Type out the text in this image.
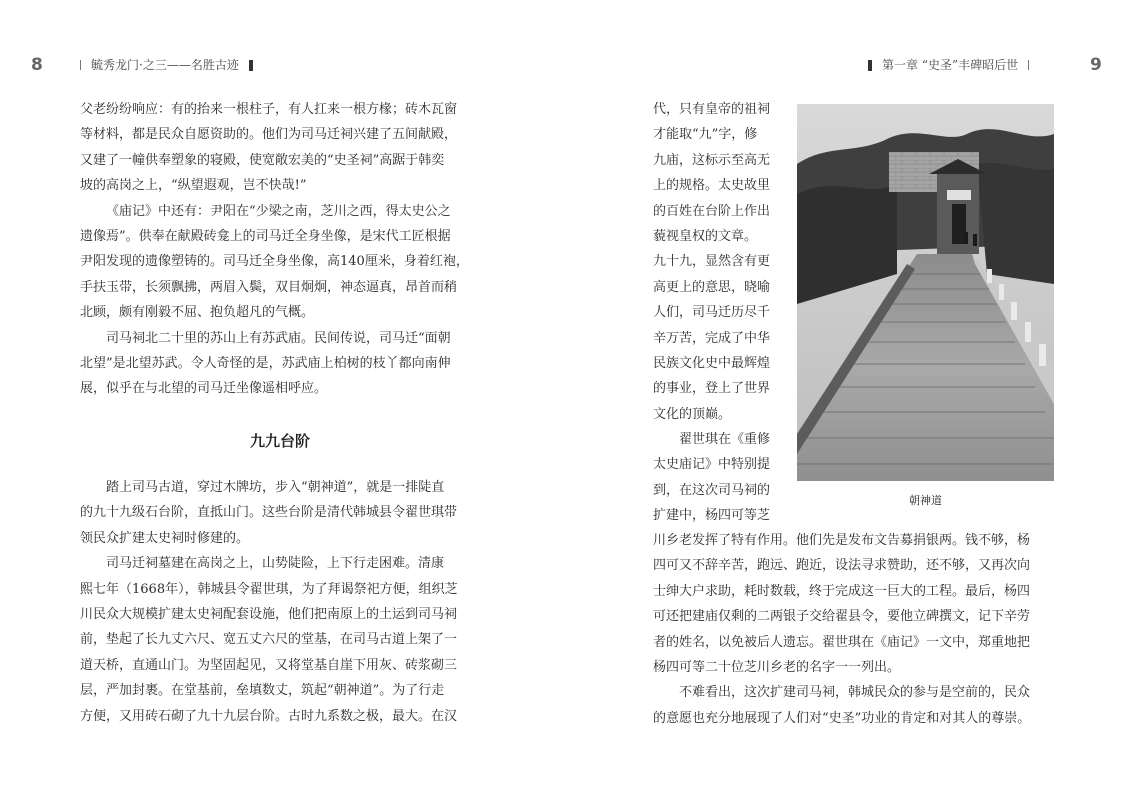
8	毓秀龙门·之三——名胜古迹	第一章 “史圣”丰碑昭后世	9
父老纷纷响应：有的抬来一根柱子，有人扛来一根方椽；砖木瓦窗
等材料，都是民众自愿资助的。他们为司马迁祠兴建了五间献殿，
又建了一幢供奉塑象的寝殿，使宽敞宏美的“史圣祠”高踞于韩奕
坡的高岗之上，“纵望遐观，岂不快哉!”
《庙记》中还有：尹阳在“少梁之南，芝川之西，得太史公之
遗像焉”。供奉在献殿砖龛上的司马迁全身坐像，是宋代工匠根据
尹阳发现的遗像塑铸的。司马迁全身坐像，高140厘米，身着红袍，
手扶玉带，长须飘拂，两眉入鬓，双目炯炯，神态逼真，昂首而稍
北顾，颇有刚毅不屈、抱负超凡的气概。
司马祠北二十里的苏山上有苏武庙。民间传说，司马迁“面朝
北望”是北望苏武。令人奇怪的是，苏武庙上柏树的枝丫都向南伸
展，似乎在与北望的司马迁坐像遥相呼应。
九九台阶
踏上司马古道，穿过木牌坊，步入“朝神道”，就是一排陡直
的九十九级石台阶，直抵山门。这些台阶是清代韩城县令翟世琪带
领民众扩建太史祠时修建的。
司马迁祠墓建在高岗之上，山势陡险，上下行走困难。清康
熙七年（1668年），韩城县令翟世琪，为了拜谒祭祀方便，组织芝
川民众大规模扩建太史祠配套设施，他们把南原上的土运到司马祠
前，垫起了长九丈六尺、宽五丈六尺的堂基，在司马古道上架了一
道天桥，直通山门。为坚固起见，又将堂基自崖下用灰、砖浆砌三
层，严加封裹。在堂基前，垒填数丈，筑起“朝神道”。为了行走
方便，又用砖石砌了九十九层台阶。古时九系数之极，最大。在汉
代，只有皇帝的祖祠
才能取“九”字，修
九庙，这标示至高无
上的规格。太史故里
的百姓在台阶上作出
藐视皇权的文章。
九十九，显然含有更
高更上的意思，晓喻
人们，司马迁历尽千
辛万苦，完成了中华
民族文化史中最辉煌
的事业，登上了世界
文化的顶巅。
翟世琪在《重修
太史庙记》中特别提
到，在这次司马祠的
扩建中，杨四可等芝
川乡老发挥了特有作用。他们先是发布文告募捐银两。钱不够，杨
四可又不辞辛苦，跑远、跑近，设法寻求赞助，还不够，又再次向
士绅大户求助，耗时数载，终于完成这一巨大的工程。最后，杨四
可还把建庙仅剩的二两银子交给翟县令，要他立碑撰文，记下辛劳
者的姓名，以免被后人遗忘。翟世琪在《庙记》一文中，郑重地把
杨四可等二十位芝川乡老的名字一一列出。
不难看出，这次扩建司马祠，韩城民众的参与是空前的，民众
的意愿也充分地展现了人们对“史圣”功业的肯定和对其人的尊崇。
朝神道
